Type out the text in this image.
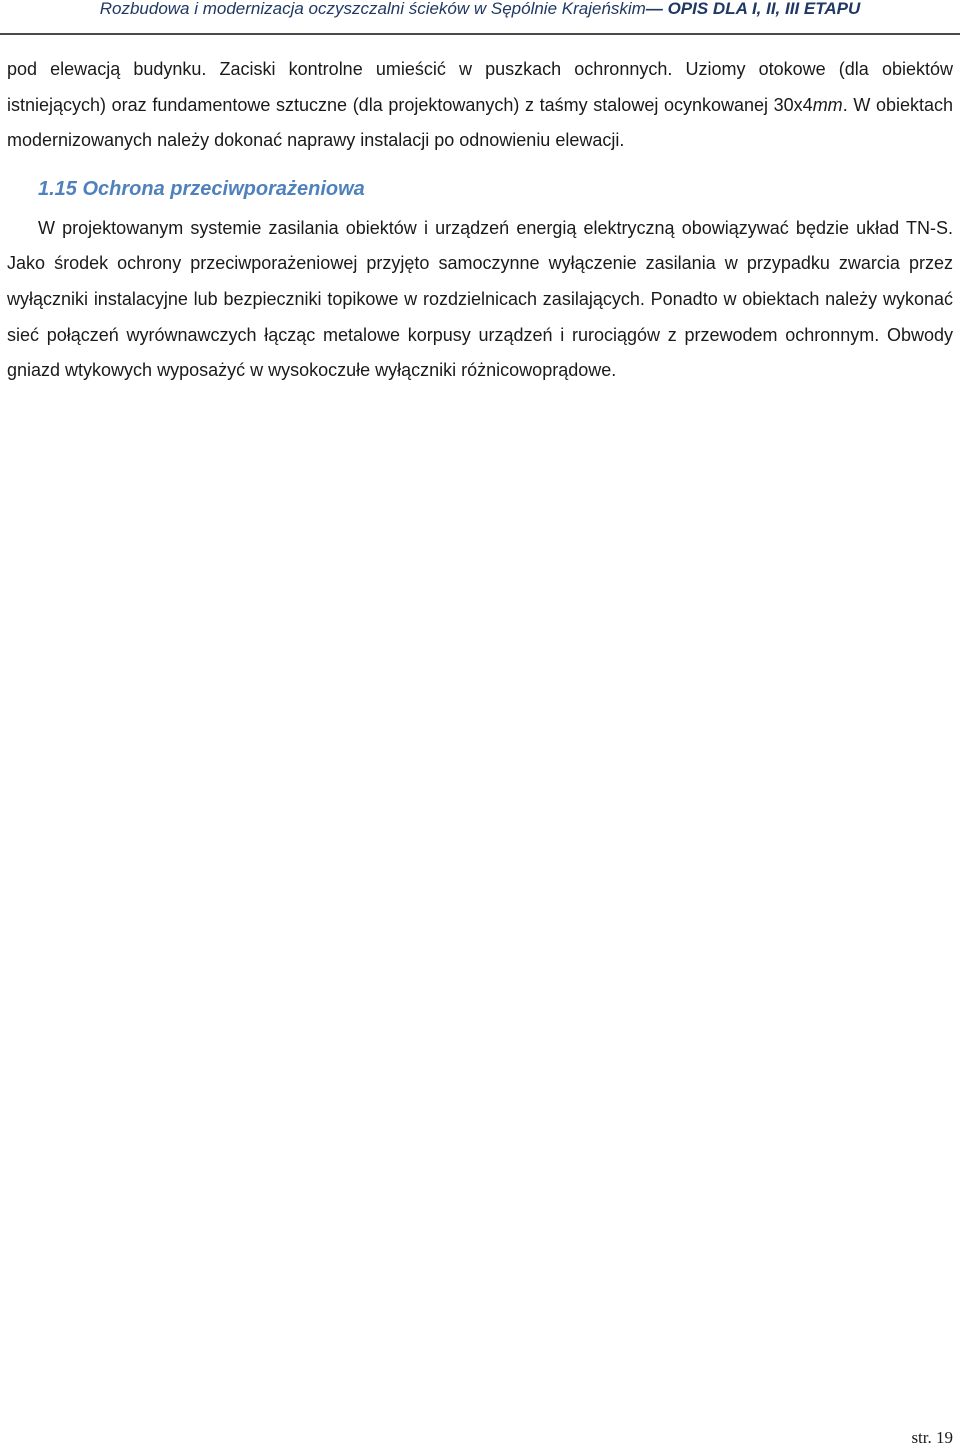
Rozbudowa i modernizacja oczyszczalni ścieków w Sępólnie Krajeńskim— OPIS DLA I, II, III ETAPU

pod elewacją budynku. Zaciski kontrolne umieścić w puszkach ochronnych. Uziomy otokowe (dla obiektów istniejących) oraz fundamentowe sztuczne (dla projektowanych) z taśmy stalowej ocynkowanej 30x4mm. W obiektach modernizowanych należy dokonać naprawy instalacji po odnowieniu elewacji.

1.15 Ochrona przeciwporażeniowa

W projektowanym systemie zasilania obiektów i urządzeń energią elektryczną obowiązywać będzie układ TN-S. Jako środek ochrony przeciwporażeniowej przyjęto samoczynne wyłączenie zasilania w przypadku zwarcia przez wyłączniki instalacyjne lub bezpieczniki topikowe w rozdzielnicach zasilających. Ponadto w obiektach należy wykonać sieć połączeń wyrównawczych łącząc metalowe korpusy urządzeń i rurociągów z przewodem ochronnym. Obwody gniazd wtykowych wyposażyć w wysokoczułe wyłączniki różnicowoprądowe.

str. 19
